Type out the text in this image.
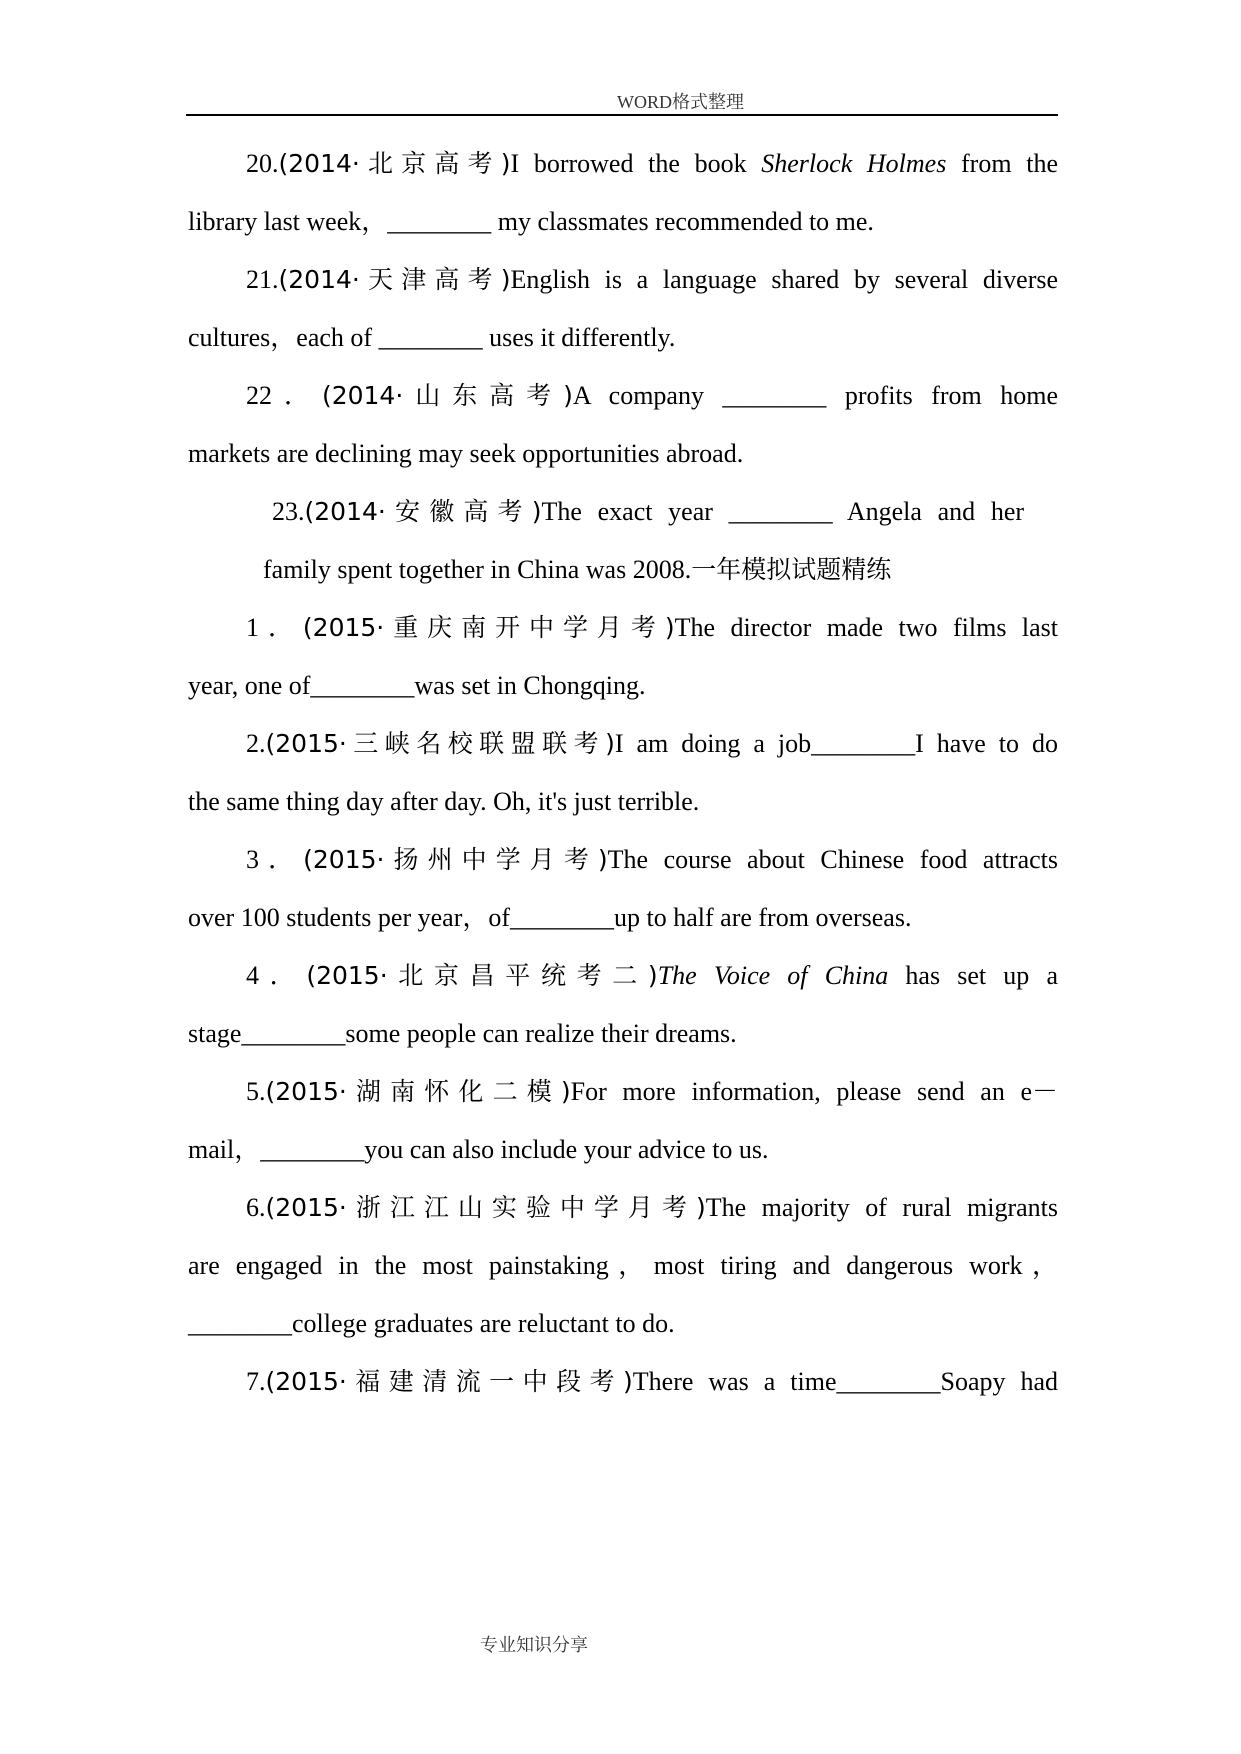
WORD格式整理
20.(2014·北京高考)I borrowed the book Sherlock Holmes from the
library last week，________ my classmates recommended to me.
21.(2014·天津高考)English is a language shared by several diverse
cultures，each of ________ uses it differently.
22．(2014·山东高考)A company ________ profits from home
markets are declining may seek opportunities abroad.
23.(2014·安徽高考)The exact year ________ Angela and her
family spent together in China was 2008.一年模拟试题精练
1．(2015·重庆南开中学月考)The director made two films last
year, one of________was set in Chongqing.
2.(2015·三峡名校联盟联考)I am doing a job________I have to do
the same thing day after day. Oh, it's just terrible.
3．(2015·扬州中学月考)The course about Chinese food attracts
over 100 students per year，of________up to half are from overseas.
4．(2015·北京昌平统考二)The Voice of China has set up a
stage________some people can realize their dreams.
5.(2015·湖南怀化二模)For more information, please send an e－
mail，________you can also include your advice to us.
6.(2015·浙江江山实验中学月考)The majority of rural migrants
are engaged in the most painstaking，most tiring and dangerous work，
________college graduates are reluctant to do.
7.(2015·福建清流一中段考)There was a time________Soapy had
专业知识分享
